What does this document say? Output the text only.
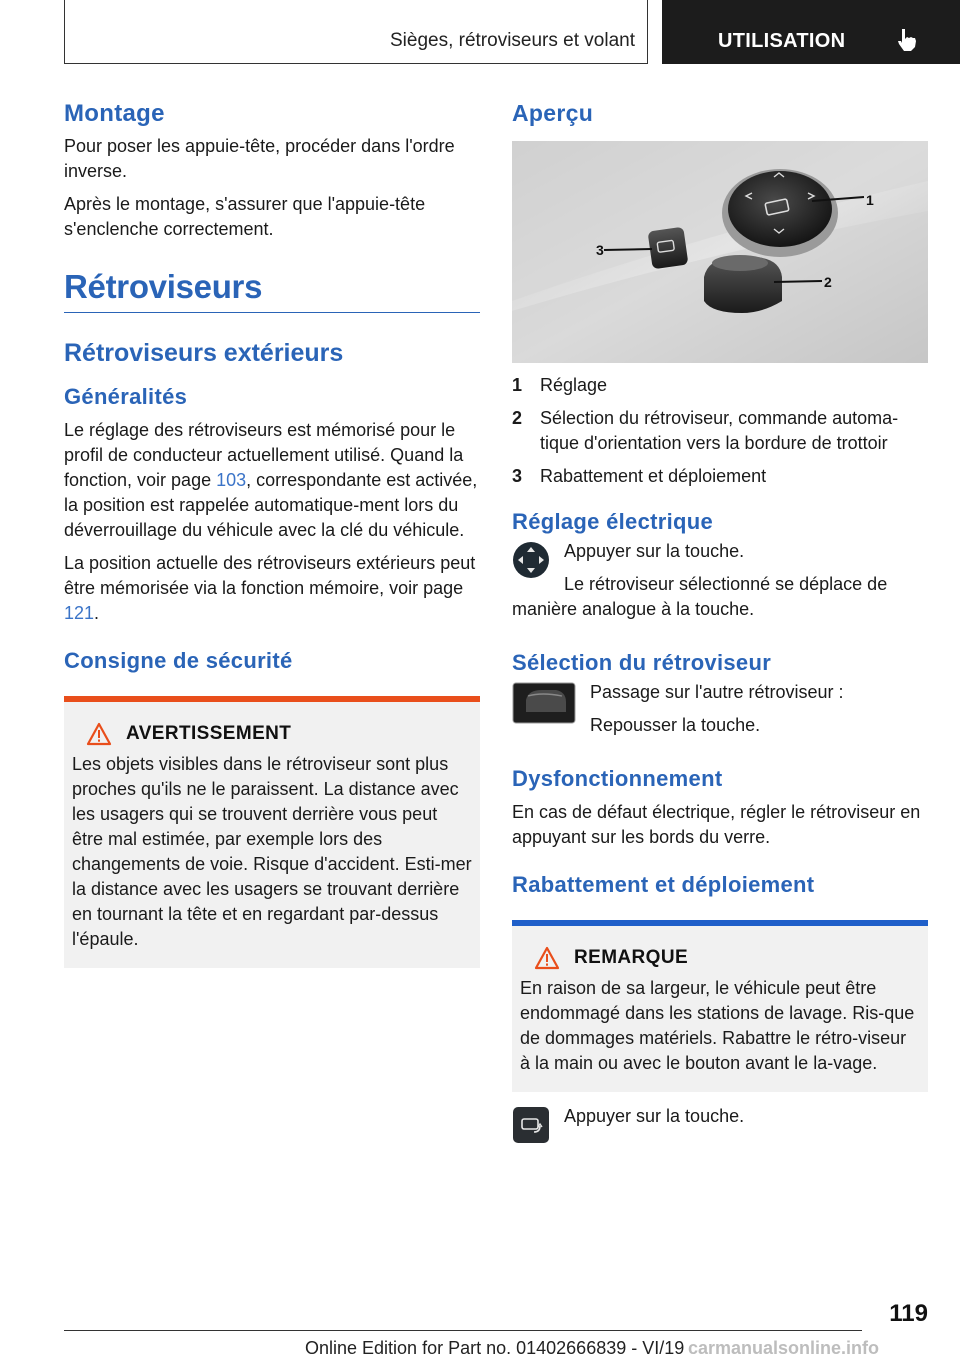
Sièges, rétroviseurs et volant	UTILISATION
Montage

Pour poser les appuie-tête, procéder dans l'ordre inverse.

Après le montage, s'assurer que l'appuie-tête s'enclenche correctement.

Rétroviseurs
Rétroviseurs extérieurs
Généralités

Le réglage des rétroviseurs est mémorisé pour le profil de conducteur actuellement utilisé. Quand la fonction, voir page 103, correspondante est activée, la position est rappelée automatique-ment lors du déverrouillage du véhicule avec la clé du véhicule.

La position actuelle des rétroviseurs extérieurs peut être mémorisée via la fonction mémoire, voir page 121.

Consigne de sécurité
AVERTISSEMENT
Les objets visibles dans le rétroviseur sont plus proches qu'ils ne le paraissent. La distance avec les usagers qui se trouvent derrière vous peut être mal estimée, par exemple lors des changements de voie. Risque d'accident. Esti-mer la distance avec les usagers se trouvant derrière en tournant la tête et en regardant par-dessus l'épaule.
Aperçu
1
2
3
1 Réglage
2 Sélection du rétroviseur, commande automa-tique d'orientation vers la bordure de trottoir
3 Rabattement et déploiement
Réglage électrique

Appuyer sur la touche.

Le rétroviseur sélectionné se déplace de manière analogue à la touche.

Sélection du rétroviseur

Passage sur l'autre rétroviseur :

Repousser la touche.

Dysfonctionnement

En cas de défaut électrique, régler le rétroviseur en appuyant sur les bords du verre.

Rabattement et déploiement
REMARQUE
En raison de sa largeur, le véhicule peut être endommagé dans les stations de lavage. Ris-que de dommages matériels. Rabattre le rétro-viseur à la main ou avec le bouton avant le la-vage.

Appuyer sur la touche.

119
Online Edition for Part no. 01402666839 - VI/19 carmanualsonline.info
